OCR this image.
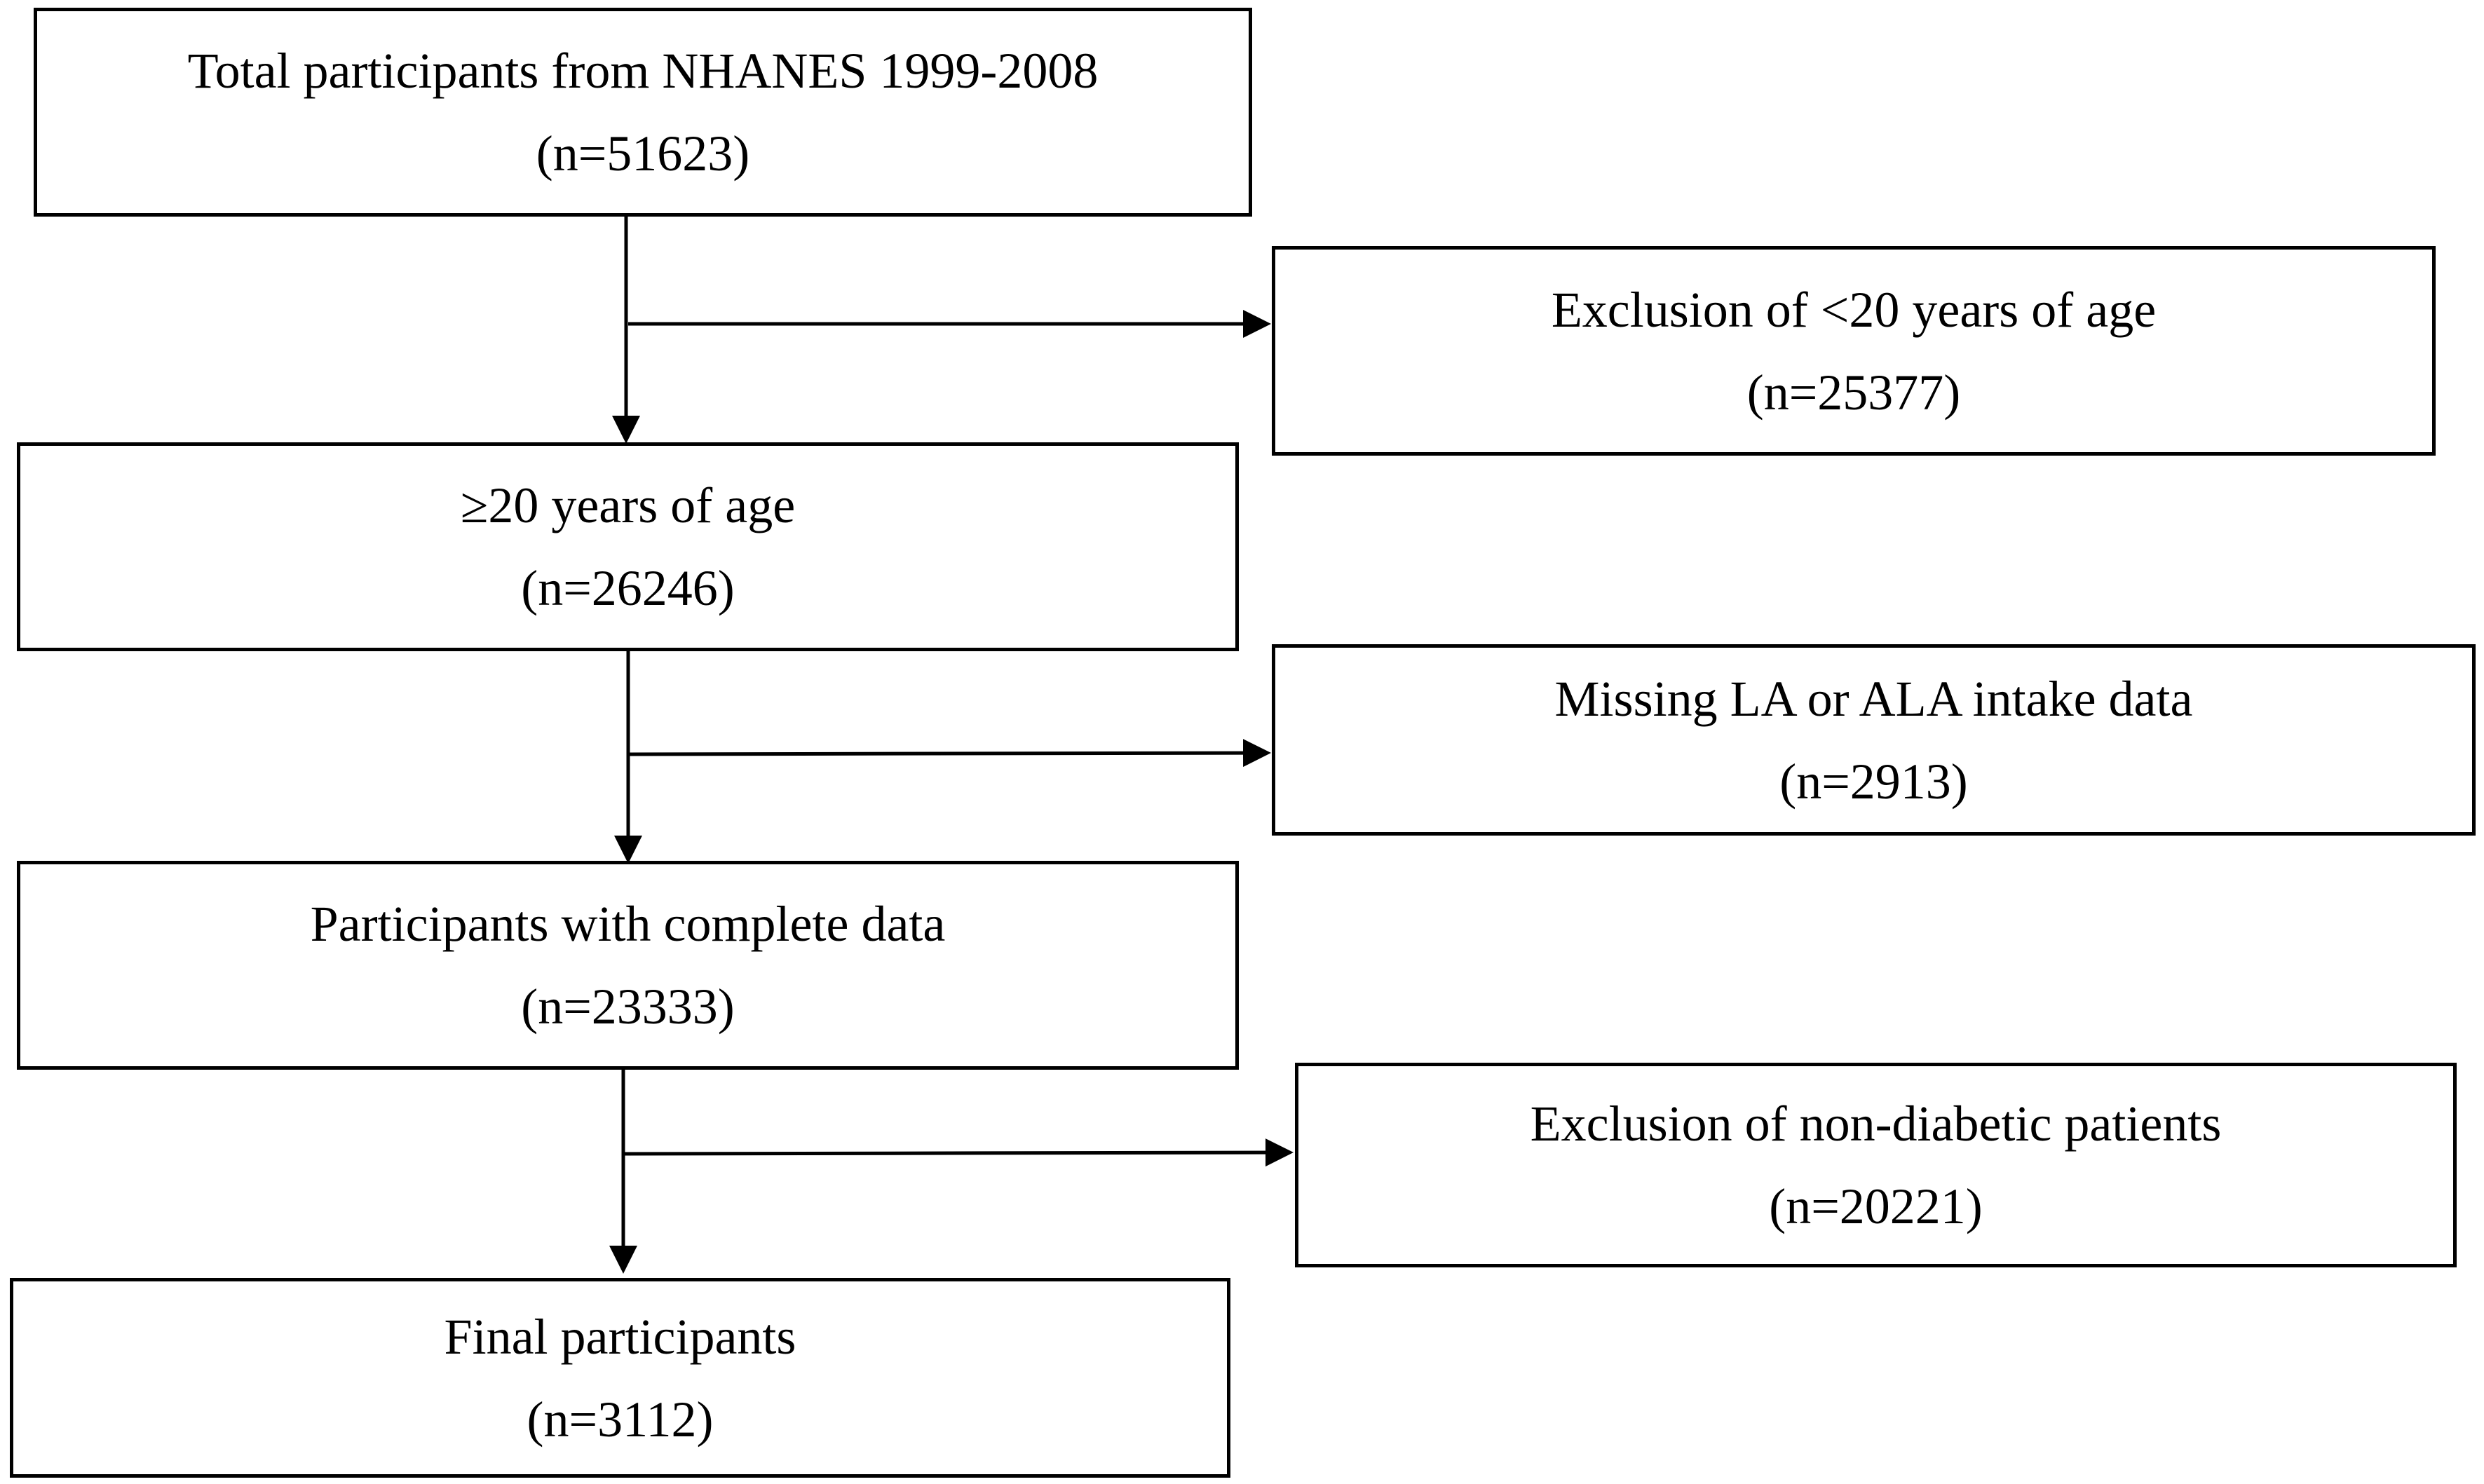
Total participants from NHANES 1999-2008
(n=51623)
≥20 years of age
(n=26246)
Participants with complete data
(n=23333)
Final participants
(n=3112)
Exclusion of <20 years of age
(n=25377)
Missing LA or ALA intake data
(n=2913)
Exclusion of non-diabetic patients
(n=20221)
